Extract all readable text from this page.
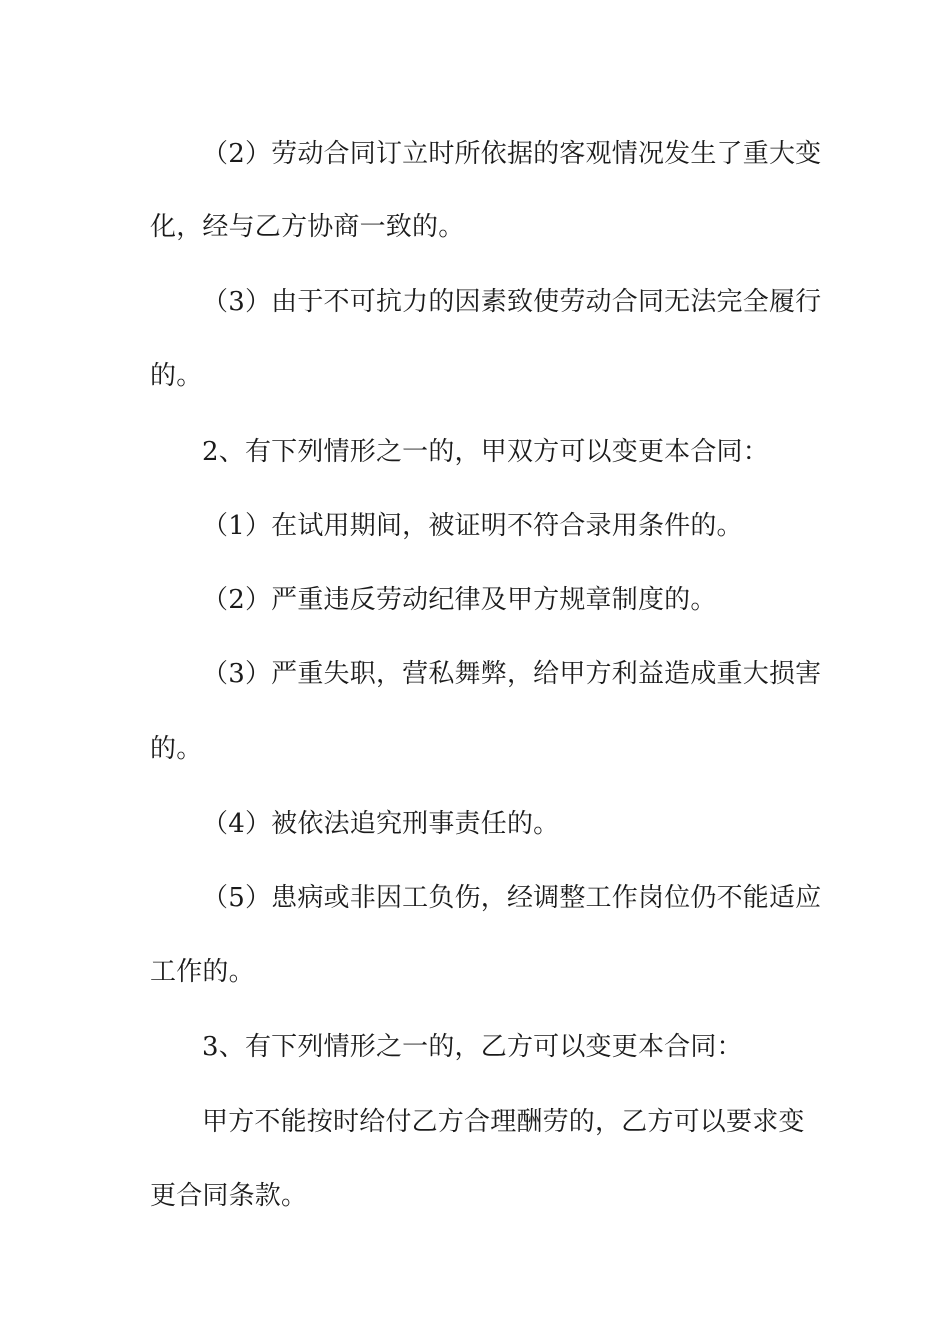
（2）劳动合同订立时所依据的客观情况发生了重大变
化，经与乙方协商一致的。
（3）由于不可抗力的因素致使劳动合同无法完全履行
的。
2、有下列情形之一的，甲双方可以变更本合同：
（1）在试用期间，被证明不符合录用条件的。
（2）严重违反劳动纪律及甲方规章制度的。
（3）严重失职，营私舞弊，给甲方利益造成重大损害
的。
（4）被依法追究刑事责任的。
（5）患病或非因工负伤，经调整工作岗位仍不能适应
工作的。
3、有下列情形之一的，乙方可以变更本合同：
甲方不能按时给付乙方合理酬劳的，乙方可以要求变
更合同条款。
